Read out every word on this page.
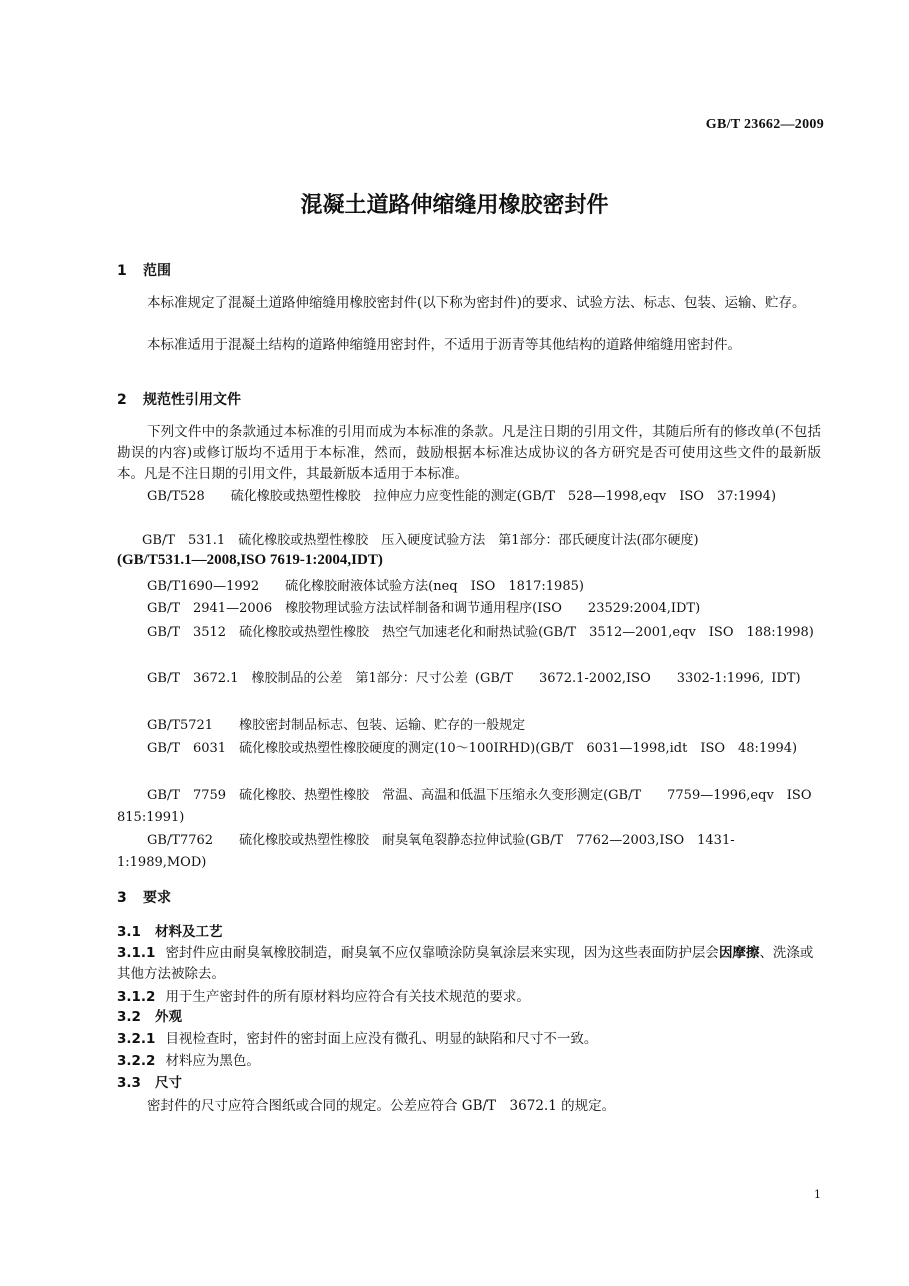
GB/T 23662—2009
混凝土道路伸缩缝用橡胶密封件
1 范围
本标准规定了混凝土道路伸缩缝用橡胶密封件(以下称为密封件)的要求、试验方法、标志、包装、运输、贮存。
本标准适用于混凝土结构的道路伸缩缝用密封件，不适用于沥青等其他结构的道路伸缩缝用密封件。
2 规范性引用文件
下列文件中的条款通过本标准的引用而成为本标准的条款。凡是注日期的引用文件，其随后所有的修改单(不包括勘误的内容)或修订版均不适用于本标准，然而，鼓励根据本标准达成协议的各方研究是否可使用这些文件的最新版本。凡是不注日期的引用文件，其最新版本适用于本标准。
GB/T528　　硫化橡胶或热塑性橡胶　拉伸应力应变性能的测定(GB/T　528—1998,eqv　ISO　37:1994)
GB/T　531.1　硫化橡胶或热塑性橡胶　压入硬度试验方法　第1部分：邵氏硬度计法(邵尔硬度)
(GB/T531.1—2008,ISO 7619-1:2004,IDT)
GB/T1690—1992　　硫化橡胶耐液体试验方法(neq　ISO　1817:1985)
GB/T　2941—2006　橡胶物理试验方法试样制备和调节通用程序(ISO　　23529:2004,IDT)
GB/T　3512　硫化橡胶或热塑性橡胶　热空气加速老化和耐热试验(GB/T　3512—2001,eqv　ISO　188:1998)
GB/T　3672.1　橡胶制品的公差　第1部分：尺寸公差 (GB/T　　3672.1-2002,ISO　　3302-1:1996, IDT)
GB/T5721　　橡胶密封制品标志、包装、运输、贮存的一般规定
GB/T　6031　硫化橡胶或热塑性橡胶硬度的测定(10～100IRHD)(GB/T　6031—1998,idt　ISO　48:1994)
GB/T　7759　硫化橡胶、热塑性橡胶　常温、高温和低温下压缩永久变形测定(GB/T　　7759—1996,eqv　ISO　815:1991)
GB/T7762　　硫化橡胶或热塑性橡胶　耐臭氧龟裂静态拉伸试验(GB/T　7762—2003,ISO　1431-1:1989,MOD)
3 要求
3.1 材料及工艺
3.1.1 密封件应由耐臭氧橡胶制造，耐臭氧不应仅靠喷涂防臭氧涂层来实现，因为这些表面防护层会因摩擦、洗涤或其他方法被除去。
3.1.2 用于生产密封件的所有原材料均应符合有关技术规范的要求。
3.2 外观
3.2.1 目视检查时，密封件的密封面上应没有微孔、明显的缺陷和尺寸不一致。
3.2.2 材料应为黑色。
3.3 尺寸
密封件的尺寸应符合图纸或合同的规定。公差应符合 GB/T　3672.1 的规定。
1
